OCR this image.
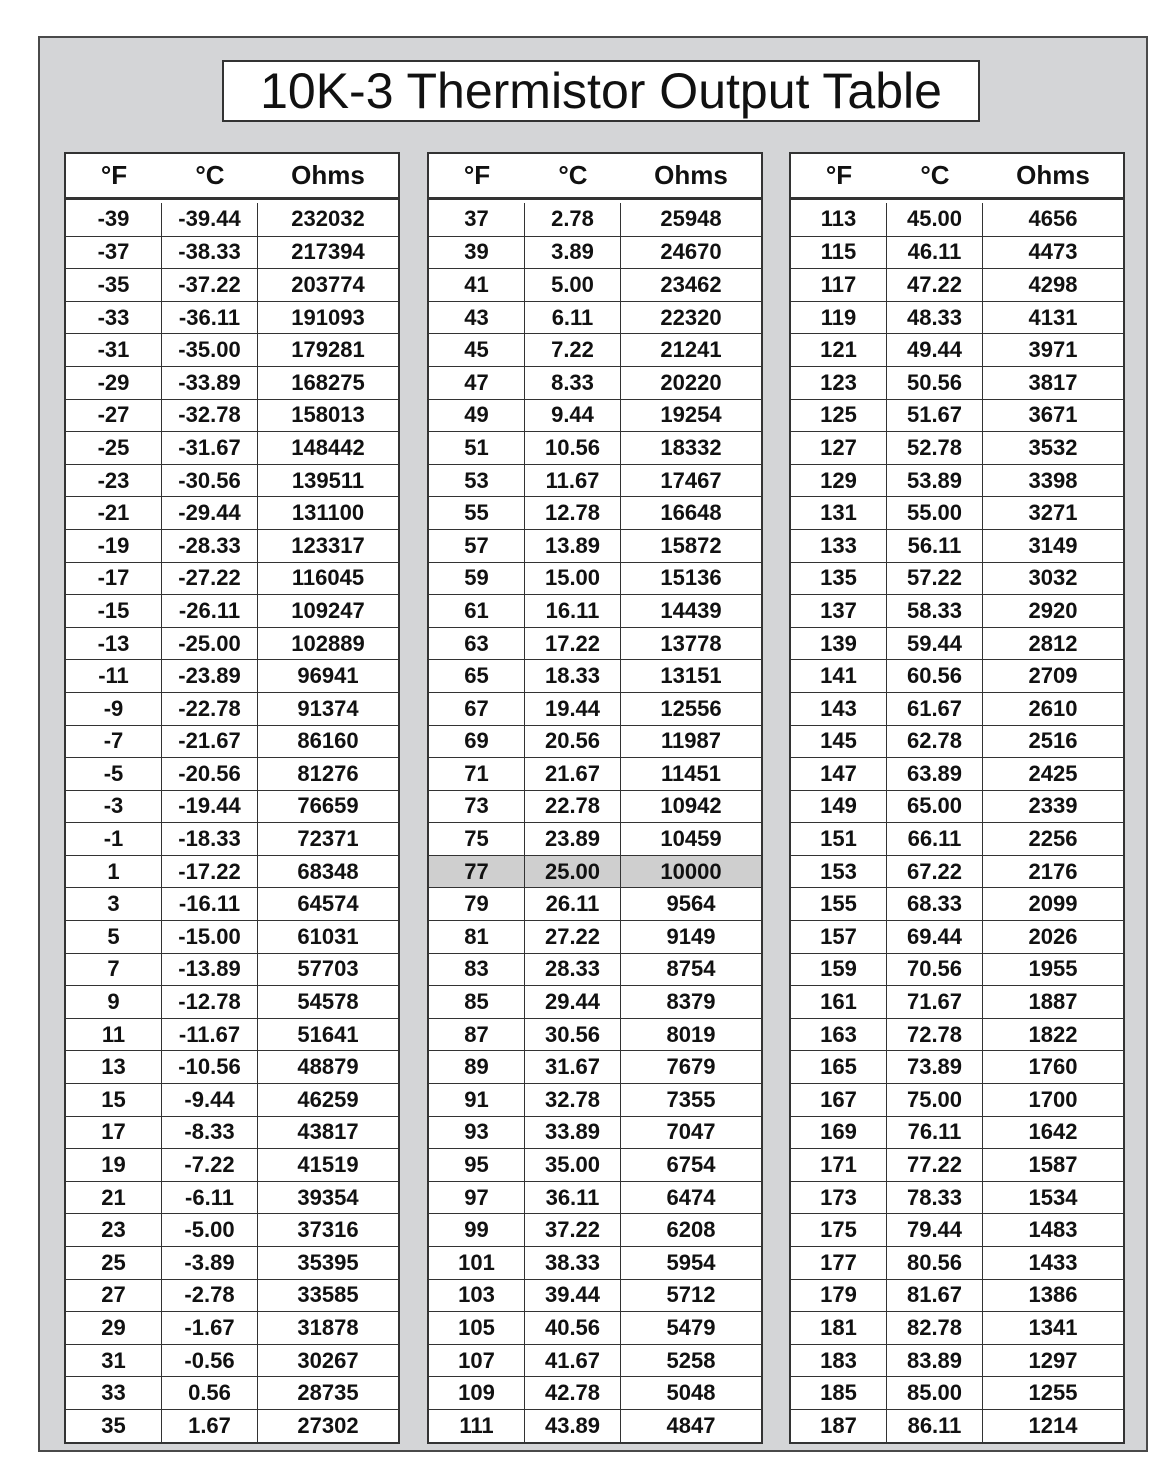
10K-3 Thermistor Output Table
°F	°C	Ohms
-39	-39.44	232032
-37	-38.33	217394
-35	-37.22	203774
-33	-36.11	191093
-31	-35.00	179281
-29	-33.89	168275
-27	-32.78	158013
-25	-31.67	148442
-23	-30.56	139511
-21	-29.44	131100
-19	-28.33	123317
-17	-27.22	116045
-15	-26.11	109247
-13	-25.00	102889
-11	-23.89	96941
-9	-22.78	91374
-7	-21.67	86160
-5	-20.56	81276
-3	-19.44	76659
-1	-18.33	72371
1	-17.22	68348
3	-16.11	64574
5	-15.00	61031
7	-13.89	57703
9	-12.78	54578
11	-11.67	51641
13	-10.56	48879
15	-9.44	46259
17	-8.33	43817
19	-7.22	41519
21	-6.11	39354
23	-5.00	37316
25	-3.89	35395
27	-2.78	33585
29	-1.67	31878
31	-0.56	30267
33	0.56	28735
35	1.67	27302
°F	°C	Ohms
37	2.78	25948
39	3.89	24670
41	5.00	23462
43	6.11	22320
45	7.22	21241
47	8.33	20220
49	9.44	19254
51	10.56	18332
53	11.67	17467
55	12.78	16648
57	13.89	15872
59	15.00	15136
61	16.11	14439
63	17.22	13778
65	18.33	13151
67	19.44	12556
69	20.56	11987
71	21.67	11451
73	22.78	10942
75	23.89	10459
77	25.00	10000
79	26.11	9564
81	27.22	9149
83	28.33	8754
85	29.44	8379
87	30.56	8019
89	31.67	7679
91	32.78	7355
93	33.89	7047
95	35.00	6754
97	36.11	6474
99	37.22	6208
101	38.33	5954
103	39.44	5712
105	40.56	5479
107	41.67	5258
109	42.78	5048
111	43.89	4847
°F	°C	Ohms
113	45.00	4656
115	46.11	4473
117	47.22	4298
119	48.33	4131
121	49.44	3971
123	50.56	3817
125	51.67	3671
127	52.78	3532
129	53.89	3398
131	55.00	3271
133	56.11	3149
135	57.22	3032
137	58.33	2920
139	59.44	2812
141	60.56	2709
143	61.67	2610
145	62.78	2516
147	63.89	2425
149	65.00	2339
151	66.11	2256
153	67.22	2176
155	68.33	2099
157	69.44	2026
159	70.56	1955
161	71.67	1887
163	72.78	1822
165	73.89	1760
167	75.00	1700
169	76.11	1642
171	77.22	1587
173	78.33	1534
175	79.44	1483
177	80.56	1433
179	81.67	1386
181	82.78	1341
183	83.89	1297
185	85.00	1255
187	86.11	1214
